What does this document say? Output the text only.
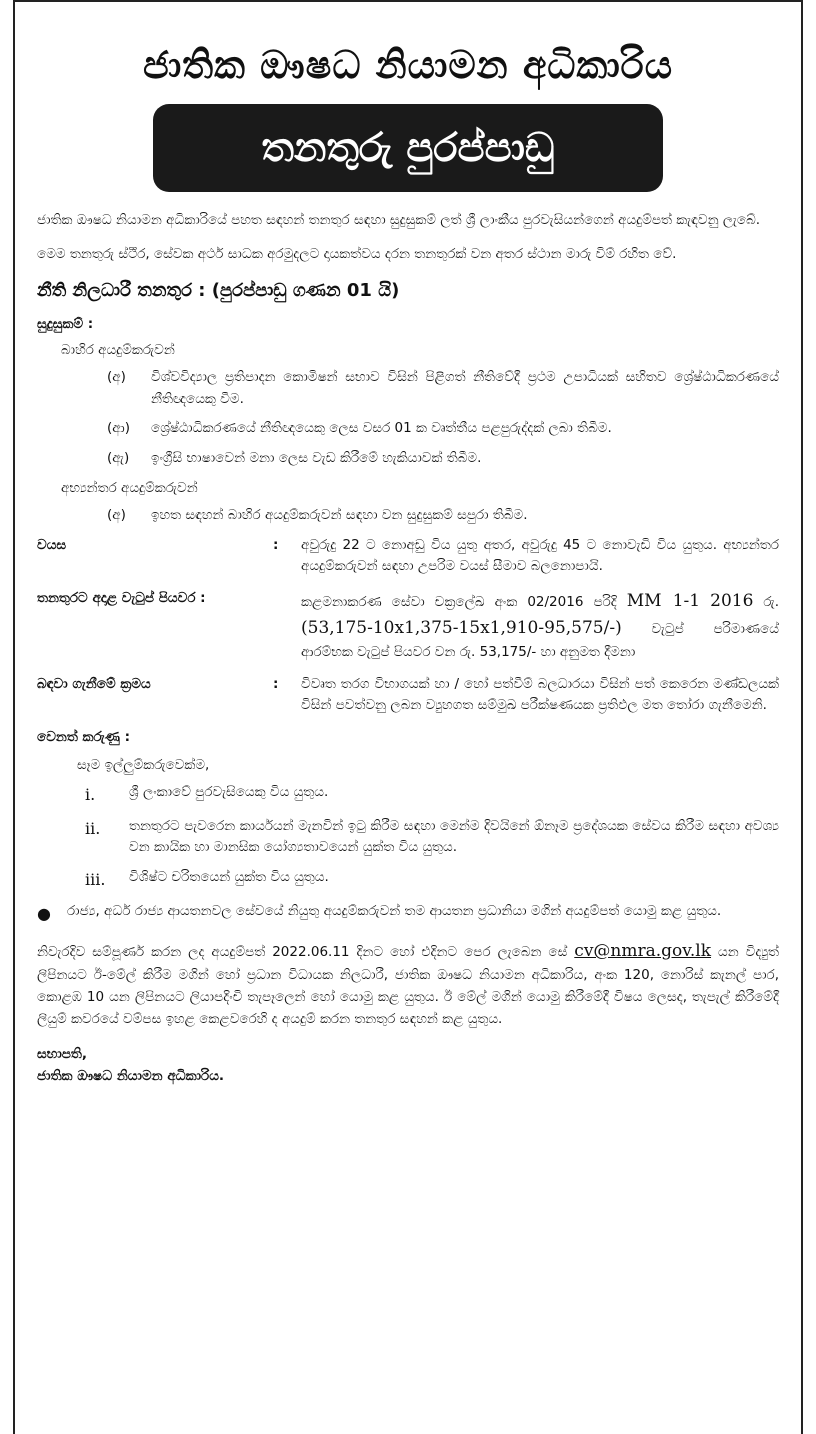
ජාතික ඖෂධ නියාමන අධිකාරිය
තනතුරු පුරප්පාඩු

ජාතික ඖෂධ නියාමන අධිකාරියේ පහත සඳහන් තනතුර සඳහා සුදුසුකම් ලත් ශ්‍රී ලාංකීය පුරවැසියන්ගෙන් අයදුම්පත් කැඳවනු ලැබේ.

මෙම තනතුරු ස්ථිර, සේවක අර්ථ සාධක අරමුදලට දායකත්වය දරන තනතුරක් වන අතර ස්ථාන මාරු විම් රහිත වේ.

නීති නිලධාරී තනතුර : (පුරප්පාඩු ගණන 01 යි)
සුදුසුකම් :
බාහිර අයදුම්කරුවන්
(අ)	විශ්වවිද්‍යාල ප්‍රතිපාදන කොමිෂන් සභාව විසින් පිළිගත් නීතිවේදී ප්‍රථම උපාධියක් සහිතව ශ්‍රේෂ්ඨාධිකරණයේ නීතිඥයෙකු වීම.
(ආ)	ශ්‍රේෂ්ඨාධිකරණයේ නීතිඥයෙකු ලෙස වසර 01 ක වෘත්තීය පළපුරුද්දක් ලබා තිබීම.
(ඇ)	ඉංග්‍රීසි භාෂාවෙන් මනා ලෙස වැඩ කිරීමේ හැකියාවක් තිබීම.
අභ්‍යන්තර අයදුම්කරුවන්
(අ)	ඉහත සඳහන් බාහිර අයදුම්කරුවන් සඳහා වන සුදුසුකම් සපුරා තිබීම.
වයස	:	අවුරුදු 22 ට නොඅඩු විය යුතු අතර, අවුරුදු 45 ට නොවැඩි විය යුතුය. අභ්‍යන්තර අයදුම්කරුවන් සඳහා උපරිම වයස් සීමාව බලනොපායි.
තනතුරට අදාළ වැටුප් පියවර :	කළමනාකරණ සේවා චක්‍රලේඛ අංක 02/2016 පරිදි MM 1-1 2016 රු. (53,175-10x1,375-15x1,910-95,575/-) වැටුප් පරිමාණයේ ආරම්භක වැටුප් පියවර වන රු. 53,175/- හා අනුමත දීමනා
බඳවා ගැනීමේ ක්‍රමය	:	විවෘත තරග විභාගයක් හා / හෝ පත්වීම් බලධාරයා විසින් පත් කෙරෙන මණ්ඩලයක් විසින් පවත්වනු ලබන ව්‍යුහගත සම්මුඛ පරීක්ෂණයක ප්‍රතිඵල මත තෝරා ගැනීමෙනි.
වෙනත් කරුණු :
සෑම ඉල්ලුම්කරුවෙක්ම,
i.	ශ්‍රී ලංකාවේ පුරවැසියෙකු විය යුතුය.
ii.	තනතුරට පැවරෙන කාර්යයන් මැනවින් ඉටු කිරීම සඳහා මෙන්ම දිවයිනේ ඕනෑම ප්‍රදේශයක සේවය කිරීම සඳහා අවශ්‍ය වන කායික හා මානසික යෝග්‍යතාවයෙන් යුක්ත විය යුතුය.
iii.	විශිෂ්ට චරිතයෙන් යුක්ත විය යුතුය.
●	රාජ්‍ය, අර්ධ රාජ්‍ය ආයතනවල සේවයේ නියුතු අයදුම්කරුවන් තම ආයතන ප්‍රධානියා මගින් අයදුම්පත් යොමු කළ යුතුය.

නිවැරදිව සම්පූර්ණ කරන ලද අයදුම්පත් 2022.06.11 දිනට හෝ එදිනට පෙර ලැබෙන සේ cv@nmra.gov.lk යන විද්‍යුත් ලිපිනයට ඊ-මේල් කිරීම මගින් හෝ ප්‍රධාන විධායක නිලධාරී, ජාතික ඖෂධ නියාමන අධිකාරිය, අංක 120, නොරිස් කැනල් පාර, කොළඹ 10 යන ලිපිනයට ලියාපදිංචි තැපෑලෙන් හෝ යොමු කළ යුතුය. ඊ මේල් මගින් යොමු කිරීමේදී විෂය ලෙසද, තැපැල් කිරීමේදී ලියුම් කවරයේ වම්පස ඉහළ කෙළවරෙහි ද අයදුම් කරන තනතුර සඳහන් කළ යුතුය.

සභාපති,
ජාතික ඖෂධ නියාමන අධිකාරිය.
